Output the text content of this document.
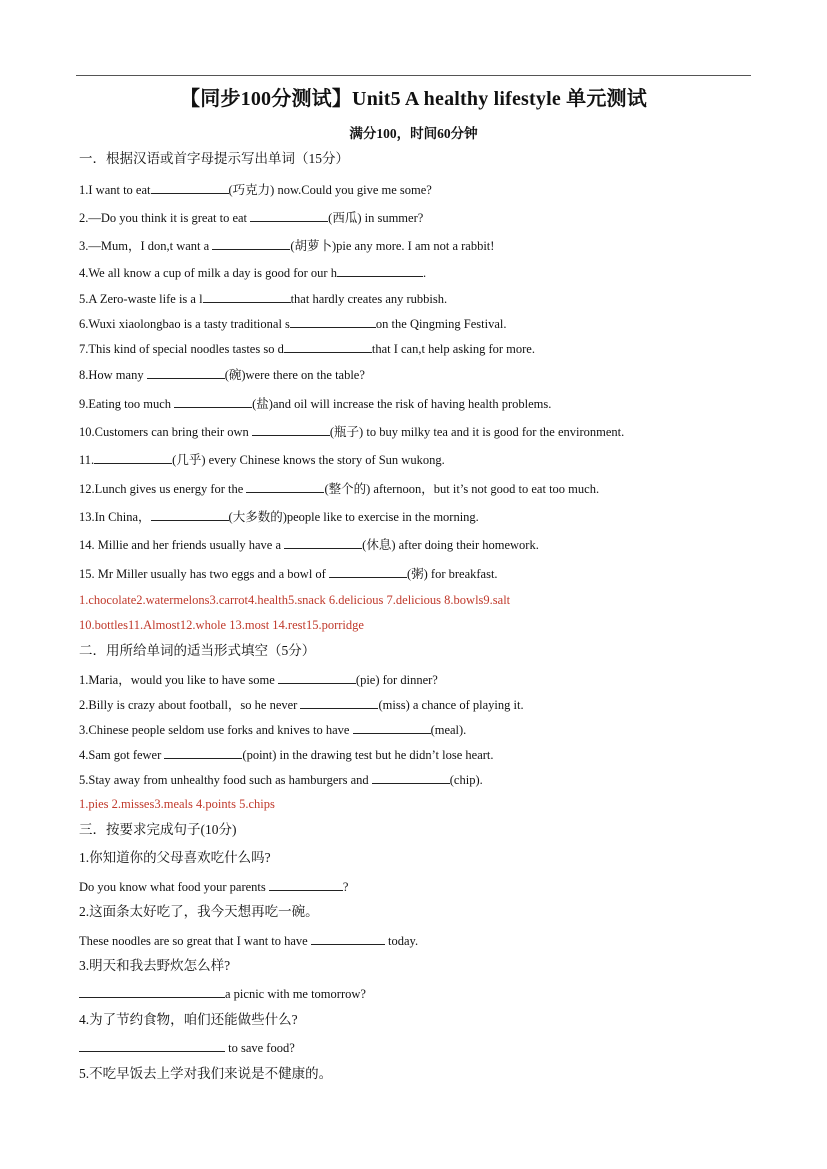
【同步100分测试】Unit5 A healthy lifestyle 单元测试
满分100，时间60分钟
一．根据汉语或首字母提示写出单词（15分）
1.I want to eat	(巧克力) now.Could you give me some?
2.—Do you think it is great to eat	(西瓜) in summer?
3.—Mum，I don,t want a	(胡萝卜)pie any more. I am not a rabbit!
4.We all know a cup of milk a day is good for our h	.
5.A Zero-waste life is a l	that hardly creates any rubbish.
6.Wuxi xiaolongbao is a tasty traditional s	on the Qingming Festival.
7.This kind of special noodles tastes so d	that I can,t help asking for more.
8.How many	(碗)were there on the table?
9.Eating too much	(盐)and oil will increase the risk of having health problems.
10.Customers can bring their own	(瓶子) to buy milky tea and it is good for the environment.
11.	(几乎) every Chinese knows the story of Sun wukong.
12.Lunch gives us energy for the	(整个的) afternoon，but it’s not good to eat too much.
13.In China，	(大多数的)people like to exercise in the morning.
14. Millie and her friends usually have a	(休息) after doing their homework.
15. Mr Miller usually has two eggs and a bowl of	(粥) for breakfast.
1.chocolate2.watermelons3.carrot4.health5.snack 6.delicious 7.delicious 8.bowls9.salt
10.bottles11.Almost12.whole 13.most 14.rest15.porridge
二．用所给单词的适当形式填空（5分）
1.Maria，would you like to have some	(pie) for dinner?
2.Billy is crazy about football，so he never	(miss) a chance of playing it.
3.Chinese people seldom use forks and knives to have	(meal).
4.Sam got fewer	(point) in the drawing test but he didn’t lose heart.
5.Stay away from unhealthy food such as hamburgers and	(chip).
1.pies 2.misses3.meals 4.points 5.chips
三．按要求完成句子(10分)
1.你知道你的父母喜欢吃什么吗?
Do you know what food your parents	?
2.这面条太好吃了，我今天想再吃一碗。
These noodles are so great that I want to have	today.
3.明天和我去野炊怎么样?
a picnic with me tomorrow?
4.为了节约食物，咱们还能做些什么?
to save food?
5.不吃早饭去上学对我们来说是不健康的。
